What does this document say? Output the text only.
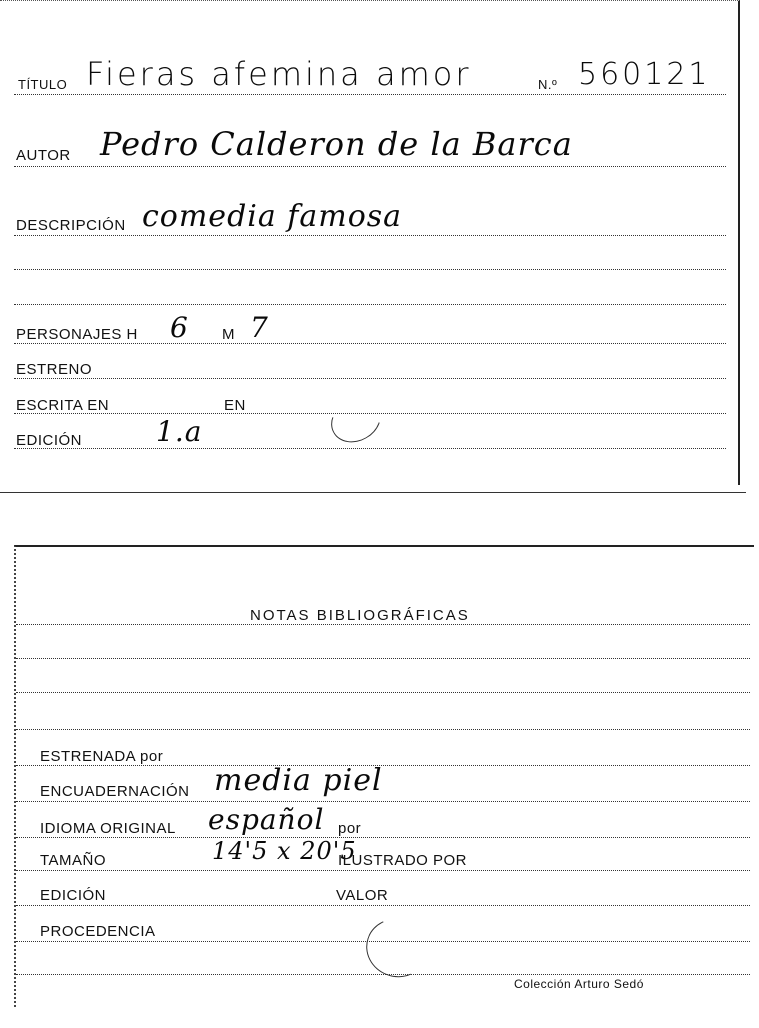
TÍTULO Fieras afemina amor	N.º 560121
AUTOR Pedro Calderon de la Barca
DESCRIPCIÓN comedia famosa
PERSONAJES H 6 M 7
ESTRENO
ESCRITA EN	EN
EDICIÓN	1.a
NOTAS BIBLIOGRÁFICAS
ESTRENADA por
ENCUADERNACIÓN media piel
IDIOMA ORIGINAL español por
TAMAÑO	14'5 x 20'5
ILUSTRADO POR
EDICIÓN	VALOR
PROCEDENCIA
Colección Arturo Sedó
